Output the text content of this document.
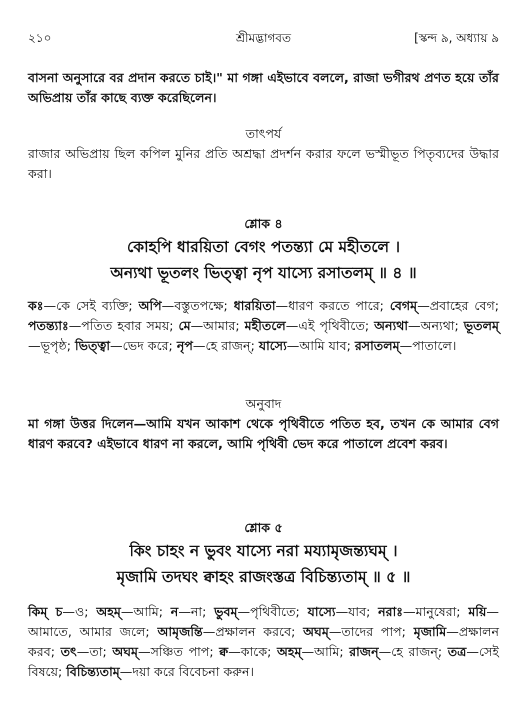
২১০	শ্রীমদ্ভাগবত	[স্কন্দ ৯, অধ্যায় ৯

বাসনা অনুসারে বর প্রদান করতে চাই।" মা গঙ্গা এইভাবে বললে, রাজা ভগীরথ প্রণত হয়ে তাঁর অভিপ্রায় তাঁর কাছে ব্যক্ত করেছিলেন।

তাৎপর্য

রাজার অভিপ্রায় ছিল কপিল মুনির প্রতি অশ্রদ্ধা প্রদর্শন করার ফলে ভস্মীভূত পিতৃব্যদের উদ্ধার করা।

শ্লোক ৪
কোহপি ধারয়িতা বেগং পতন্ত্যা মে মহীতলে ।
অন্যথা ভূতলং ভিত্ত্বা নৃপ যাস্যে রসাতলম্ ॥ ৪ ॥

কঃ—কে সেই ব্যক্তি; অপি—বস্তুতপক্ষে; ধারয়িতা—ধারণ করতে পারে; বেগম্—প্রবাহের বেগ; পতন্ত্যাঃ—পতিত হবার সময়; মে—আমার; মহীতলে—এই পৃথিবীতে; অন্যথা—অন্যথা; ভূতলম্—ভূপৃষ্ঠ; ভিত্ত্বা—ভেদ করে; নৃপ—হে রাজন্; যাস্যে—আমি যাব; রসাতলম্—পাতালে।

অনুবাদ

মা গঙ্গা উত্তর দিলেন—আমি যখন আকাশ থেকে পৃথিবীতে পতিত হব, তখন কে আমার বেগ ধারণ করবে? এইভাবে ধারণ না করলে, আমি পৃথিবী ভেদ করে পাতালে প্রবেশ করব।

শ্লোক ৫
কিং চাহং ন ভুবং যাস্যে নরা ময্যামৃজন্ত্যঘম্ ।
মৃজামি তদঘং ক্বাহং রাজংস্তত্র বিচিন্ত্যতাম্ ॥ ৫ ॥

কিম্ চ—ও; অহম্—আমি; ন—না; ভুবম্—পৃথিবীতে; যাস্যে—যাব; নরাঃ—মানুষেরা; ময়ি—আমাতে, আমার জলে; আমৃজন্তি—প্রক্ষালন করবে; অঘম্—তাদের পাপ; মৃজামি—প্রক্ষালন করব; তৎ—তা; অঘম্—সঞ্চিত পাপ; ক্ব—কাকে; অহম্—আমি; রাজন্—হে রাজন্; তত্র—সেই বিষয়ে; বিচিন্ত্যতাম্—দয়া করে বিবেচনা করুন।
